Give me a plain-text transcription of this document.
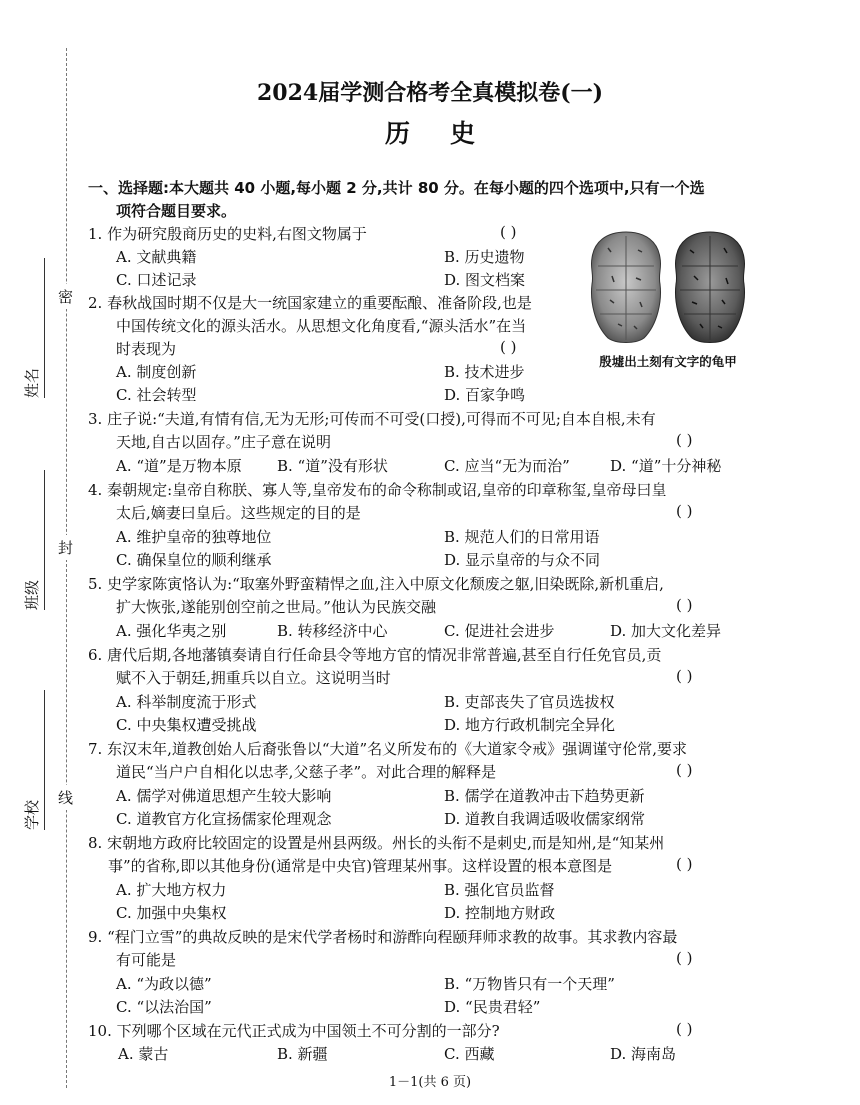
密
封
线
姓名
班级
学校
2024届学测合格考全真模拟卷(一)
历史
一、选择题:本大题共 40 小题,每小题 2 分,共计 80 分。在每小题的四个选项中,只有一个选
项符合题目要求。
殷墟出土刻有文字的龟甲
1. 作为研究殷商历史的史料,右图文物属于	( )
A. 文献典籍	B. 历史遗物
C. 口述记录	D. 图文档案
2. 春秋战国时期不仅是大一统国家建立的重要酝酿、准备阶段,也是
中国传统文化的源头活水。从思想文化角度看,“源头活水”在当
时表现为	( )
A. 制度创新	B. 技术进步
C. 社会转型	D. 百家争鸣
3. 庄子说:“夫道,有情有信,无为无形;可传而不可受(口授),可得而不可见;自本自根,未有
天地,自古以固存。”庄子意在说明	( )
A. “道”是万物本原 B. “道”没有形状	C. 应当“无为而治”	D. “道”十分神秘
4. 秦朝规定:皇帝自称朕、寡人等,皇帝发布的命令称制或诏,皇帝的印章称玺,皇帝母曰皇
太后,嫡妻曰皇后。这些规定的目的是	( )
A. 维护皇帝的独尊地位	B. 规范人们的日常用语
C. 确保皇位的顺利继承	D. 显示皇帝的与众不同
5. 史学家陈寅恪认为:“取塞外野蛮精悍之血,注入中原文化颓废之躯,旧染既除,新机重启,
扩大恢张,遂能别创空前之世局。”他认为民族交融	( )
A. 强化华夷之别	B. 转移经济中心	C. 促进社会进步	D. 加大文化差异
6. 唐代后期,各地藩镇奏请自行任命县令等地方官的情况非常普遍,甚至自行任免官员,贡
赋不入于朝廷,拥重兵以自立。这说明当时	( )
A. 科举制度流于形式	B. 吏部丧失了官员选拔权
C. 中央集权遭受挑战	D. 地方行政机制完全异化
7. 东汉末年,道教创始人后裔张鲁以“大道”名义所发布的《大道家令戒》强调谨守伦常,要求
道民“当户户自相化以忠孝,父慈子孝”。对此合理的解释是	( )
A. 儒学对佛道思想产生较大影响	B. 儒学在道教冲击下趋势更新
C. 道教官方化宣扬儒家伦理观念	D. 道教自我调适吸收儒家纲常
8. 宋朝地方政府比较固定的设置是州县两级。州长的头衔不是刺史,而是知州,是“知某州
事”的省称,即以其他身份(通常是中央官)管理某州事。这样设置的根本意图是	( )
A. 扩大地方权力	B. 强化官员监督
C. 加强中央集权	D. 控制地方财政
9. “程门立雪”的典故反映的是宋代学者杨时和游酢向程颐拜师求教的故事。其求教内容最
有可能是	( )
A. “为政以德”	B. “万物皆只有一个天理”
C. “以法治国”	D. “民贵君轻”
10. 下列哪个区域在元代正式成为中国领土不可分割的一部分?	( )
A. 蒙古	B. 新疆	C. 西藏	D. 海南岛
1－1(共 6 页)
